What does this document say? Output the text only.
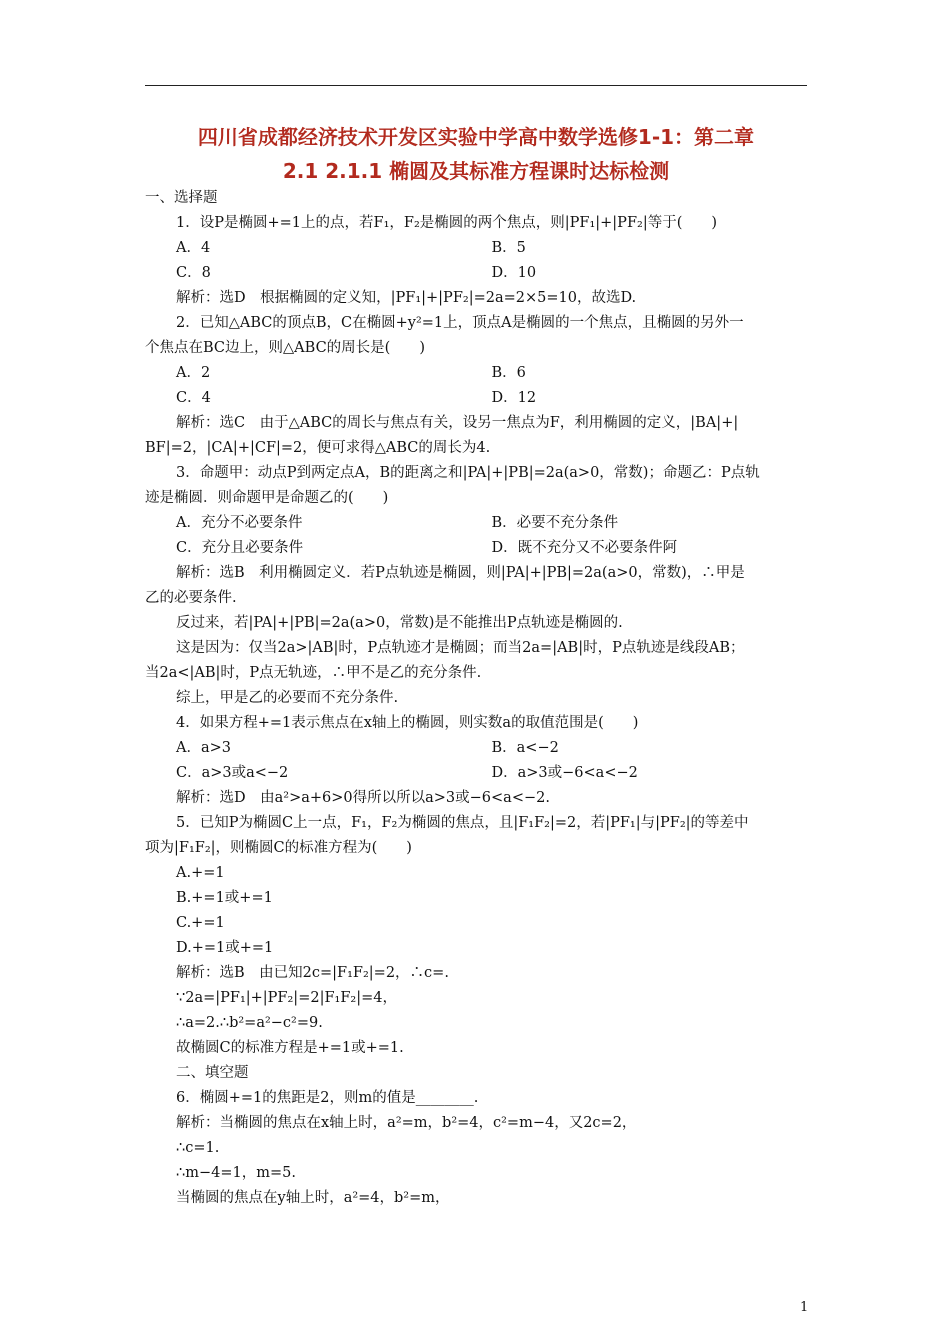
四川省成都经济技术开发区实验中学高中数学选修1-1：第二章
2.1 2.1.1 椭圆及其标准方程课时达标检测
一、选择题
1．设P是椭圆+=1上的点，若F₁，F₂是椭圆的两个焦点，则|PF₁|+|PF₂|等于(　　)
A．4	B．5
C．8	D．10
解析：选D　根据椭圆的定义知，|PF₁|+|PF₂|=2a=2×5=10，故选D.
2．已知△ABC的顶点B，C在椭圆+y²=1上，顶点A是椭圆的一个焦点，且椭圆的另外一
个焦点在BC边上，则△ABC的周长是(　　)
A．2	B．6
C．4	D．12
解析：选C　由于△ABC的周长与焦点有关，设另一焦点为F，利用椭圆的定义，|BA|+|
BF|=2，|CA|+|CF|=2，便可求得△ABC的周长为4.
3．命题甲：动点P到两定点A，B的距离之和|PA|+|PB|=2a(a>0，常数)；命题乙：P点轨
迹是椭圆．则命题甲是命题乙的(　　)
A．充分不必要条件	B．必要不充分条件
C．充分且必要条件	D．既不充分又不必要条件阿
解析：选B　利用椭圆定义．若P点轨迹是椭圆，则|PA|+|PB|=2a(a>0，常数)，∴甲是
乙的必要条件.
反过来，若|PA|+|PB|=2a(a>0，常数)是不能推出P点轨迹是椭圆的.
这是因为：仅当2a>|AB|时，P点轨迹才是椭圆；而当2a=|AB|时，P点轨迹是线段AB；
当2a<|AB|时，P点无轨迹，∴甲不是乙的充分条件.
综上，甲是乙的必要而不充分条件.
4．如果方程+=1表示焦点在x轴上的椭圆，则实数a的取值范围是(　　)
A．a>3	B．a<−2
C．a>3或a<−2	D．a>3或−6<a<−2
解析：选D　由a²>a+6>0得所以所以a>3或−6<a<−2.
5．已知P为椭圆C上一点，F₁，F₂为椭圆的焦点，且|F₁F₂|=2，若|PF₁|与|PF₂|的等差中
项为|F₁F₂|，则椭圆C的标准方程为(　　)
A.+=1
B.+=1或+=1
C.+=1
D.+=1或+=1
解析：选B　由已知2c=|F₁F₂|=2，∴c=.
∵2a=|PF₁|+|PF₂|=2|F₁F₂|=4，
∴a=2.∴b²=a²−c²=9.
故椭圆C的标准方程是+=1或+=1.
二、填空题
6．椭圆+=1的焦距是2，则m的值是________.
解析：当椭圆的焦点在x轴上时，a²=m，b²=4，c²=m−4，又2c=2，
∴c=1.
∴m−4=1，m=5.
当椭圆的焦点在y轴上时，a²=4，b²=m，
1
